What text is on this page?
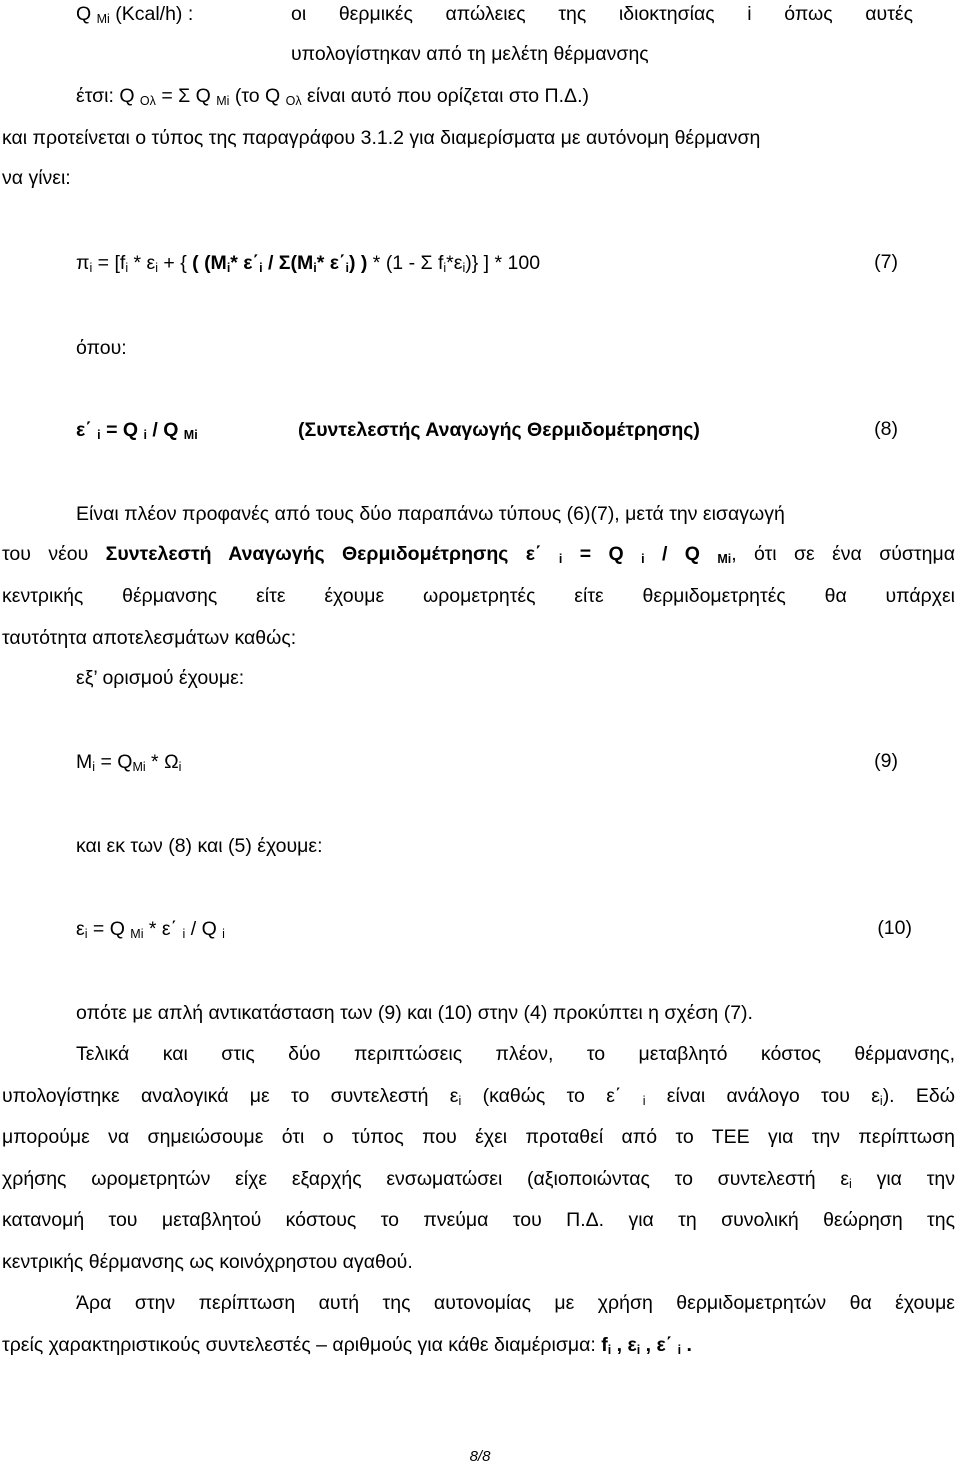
Q $_{Mi}$ (Kcal/h) :	οι θερμικές απώλειες της ιδιοκτησίας i όπως αυτές
υπολογίστηκαν από τη μελέτη θέρμανσης
έτσι: Q $_{O\lambda}$ = Σ Q $_{Mi}$ (το Q $_{O\lambda}$ είναι αυτό που ορίζεται στο Π.Δ.)
και προτείνεται ο τύπος της παραγράφου 3.1.2 για διαμερίσματα με αυτόνομη θέρμανση
να γίνει:
$\pi_i = [f_i * \varepsilon_i$ + { ( ($M_i*$ $\varepsilon΄_i / \Sigma(M_i*$ $\varepsilon΄_i$) ) * (1 - Σ $f_i*\varepsilon_i$)} ] * 100	(7)
όπου:
ε΄ $_i$ = Q $_i$ / Q $_{Mi}$	(Συντελεστής Αναγωγής Θερμιδομέτρησης)	(8)
Είναι πλέον προφανές από τους δύο παραπάνω τύπους (6)(7), μετά την εισαγωγή
του νέου Συντελεστή Αναγωγής Θερμιδομέτρησης ε΄ $_i$ = Q $_i$ / Q $_{Mi}$, ότι σε ένα σύστημα
κεντρικής θέρμανσης είτε έχουμε ωρομετρητές είτε θερμιδομετρητές θα υπάρχει
ταυτότητα αποτελεσμάτων καθώς:
εξ’ ορισμού έχουμε:
$M_i = Q_{Mi} * \Omega_i$	(9)
και εκ των (8) και (5) έχουμε:
$\varepsilon_i = Q$ $_{Mi}$ * ε΄ $_i$ / Q $_i$	(10)
οπότε με απλή αντικατάσταση των (9) και (10) στην (4) προκύπτει η σχέση (7).
Τελικά και στις δύο περιπτώσεις πλέον, το μεταβλητό κόστος θέρμανσης,
υπολογίστηκε αναλογικά με το συντελεστή $\varepsilon_i$ (καθώς το ε΄ $_i$ είναι ανάλογο του $\varepsilon_i$). Εδώ
μπορούμε να σημειώσουμε ότι ο τύπος που έχει προταθεί από το ΤΕΕ για την περίπτωση
χρήσης ωρομετρητών είχε εξαρχής ενσωματώσει (αξιοποιώντας το συντελεστή $\varepsilon_i$ για την
κατανομή του μεταβλητού κόστους το πνεύμα του Π.Δ. για τη συνολική θεώρηση της
κεντρικής θέρμανσης ως κοινόχρηστου αγαθού.
Άρα στην περίπτωση αυτή της αυτονομίας με χρήση θερμιδομετρητών θα έχουμε
τρείς χαρακτηριστικούς συντελεστές – αριθμούς για κάθε διαμέρισμα: $f_i$ , $\varepsilon_i$ , ε΄ $_i$ .
8/8
